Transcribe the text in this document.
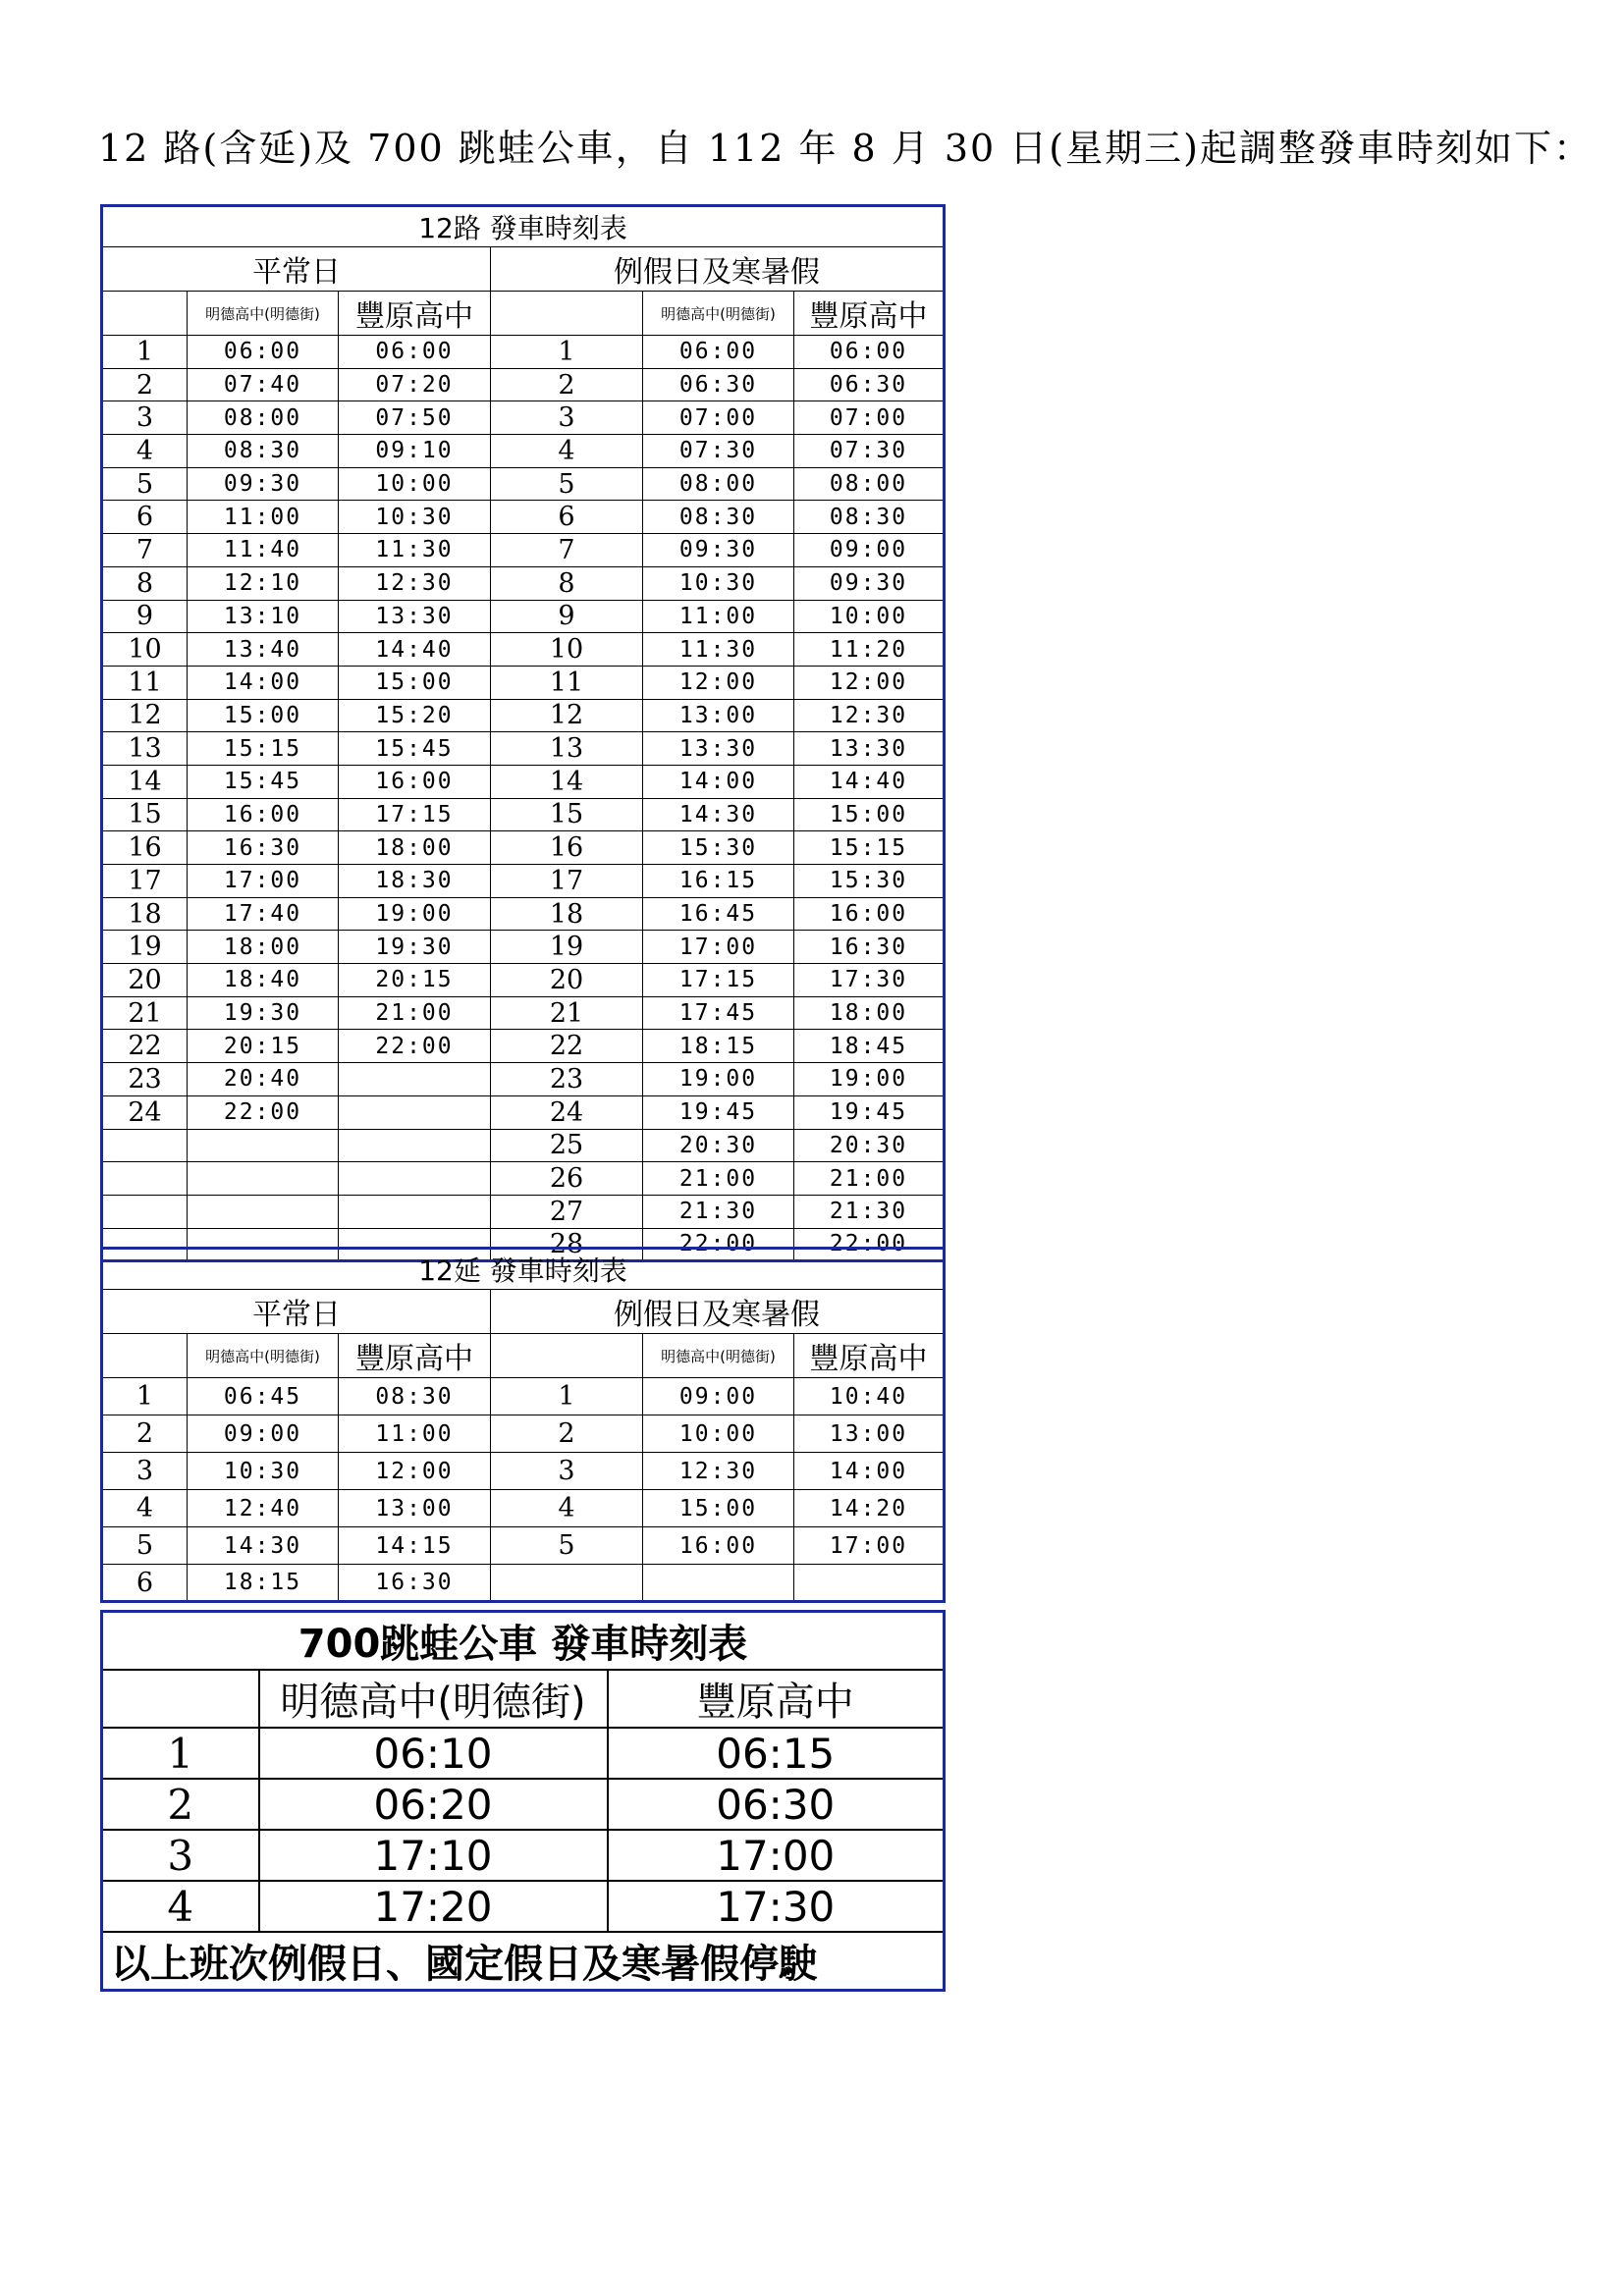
12 路(含延)及 700 跳蛙公車，自 112 年 8 月 30 日(星期三)起調整發車時刻如下：
12路 發車時刻表					
平常日			例假日及寒暑假		
	明德高中(明德街)	豐原高中		明德高中(明德街)	豐原高中
1	06:00	06:00	1	06:00	06:00
2	07:40	07:20	2	06:30	06:30
3	08:00	07:50	3	07:00	07:00
4	08:30	09:10	4	07:30	07:30
5	09:30	10:00	5	08:00	08:00
6	11:00	10:30	6	08:30	08:30
7	11:40	11:30	7	09:30	09:00
8	12:10	12:30	8	10:30	09:30
9	13:10	13:30	9	11:00	10:00
10	13:40	14:40	10	11:30	11:20
11	14:00	15:00	11	12:00	12:00
12	15:00	15:20	12	13:00	12:30
13	15:15	15:45	13	13:30	13:30
14	15:45	16:00	14	14:00	14:40
15	16:00	17:15	15	14:30	15:00
16	16:30	18:00	16	15:30	15:15
17	17:00	18:30	17	16:15	15:30
18	17:40	19:00	18	16:45	16:00
19	18:00	19:30	19	17:00	16:30
20	18:40	20:15	20	17:15	17:30
21	19:30	21:00	21	17:45	18:00
22	20:15	22:00	22	18:15	18:45
23	20:40		23	19:00	19:00
24	22:00		24	19:45	19:45
			25	20:30	20:30
			26	21:00	21:00
			27	21:30	21:30
			28	22:00	22:00
12延 發車時刻表					
平常日			例假日及寒暑假		
	明德高中(明德街)	豐原高中		明德高中(明德街)	豐原高中
1	06:45	08:30	1	09:00	10:40
2	09:00	11:00	2	10:00	13:00
3	10:30	12:00	3	12:30	14:00
4	12:40	13:00	4	15:00	14:20
5	14:30	14:15	5	16:00	17:00
6	18:15	16:30			
700跳蛙公車 發車時刻表		
	明德高中(明德街)	豐原高中
1	06:10	06:15
2	06:20	06:30
3	17:10	17:00
4	17:20	17:30
以上班次例假日、國定假日及寒暑假停駛		
